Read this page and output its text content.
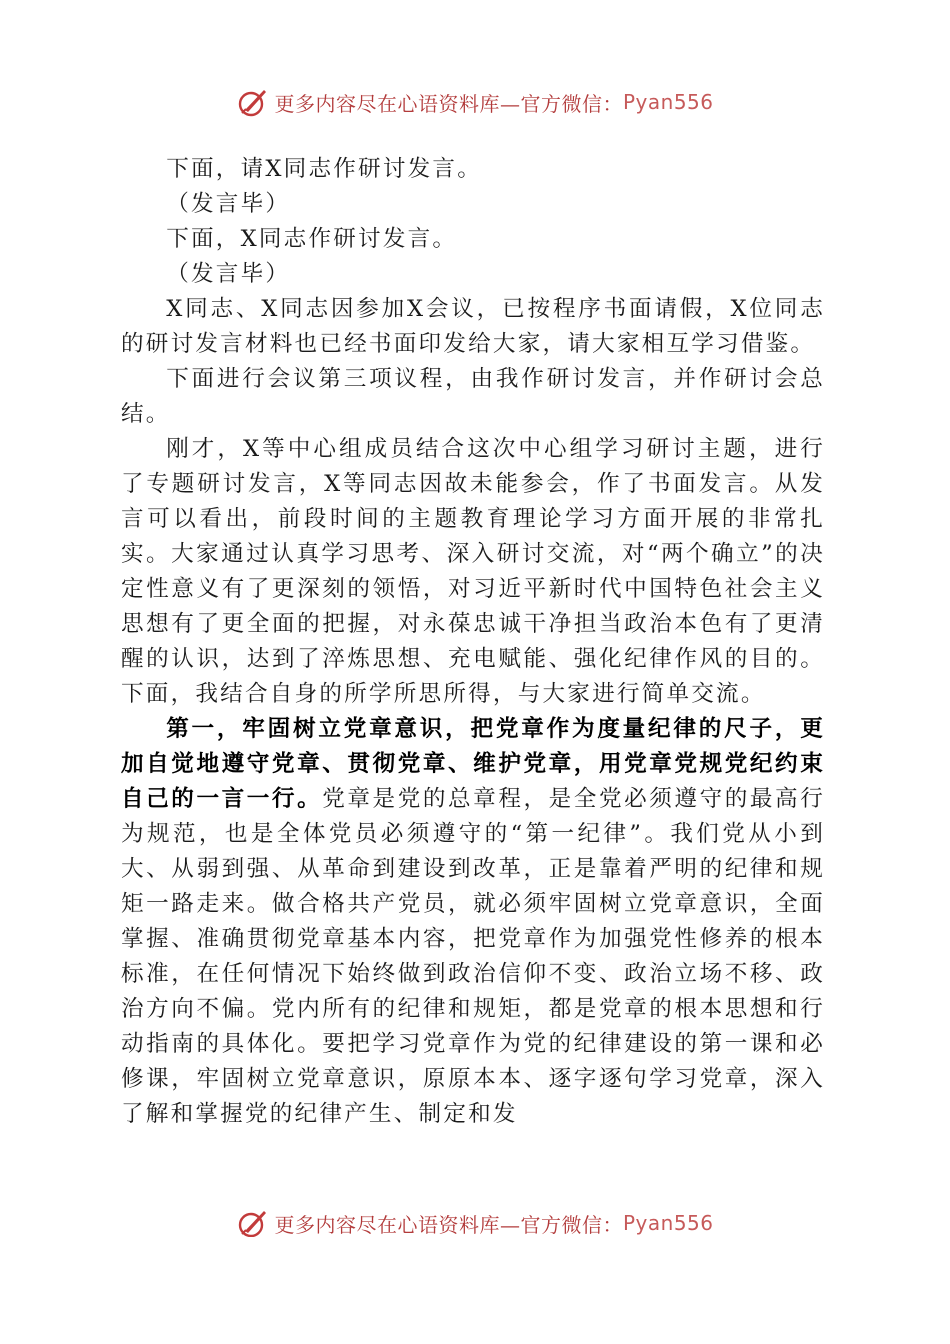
更多内容尽在心语资料库—官方微信： Pyan556

下面，请X同志作研讨发言。

（发言毕）

下面，X同志作研讨发言。

（发言毕）

X同志、X同志因参加X会议，已按程序书面请假，X位同志的研讨发言材料也已经书面印发给大家，请大家相互学习借鉴。

下面进行会议第三项议程，由我作研讨发言，并作研讨会总结。

刚才，X等中心组成员结合这次中心组学习研讨主题，进行了专题研讨发言，X等同志因故未能参会，作了书面发言。从发言可以看出，前段时间的主题教育理论学习方面开展的非常扎实。大家通过认真学习思考、深入研讨交流，对“两个确立”的决定性意义有了更深刻的领悟，对习近平新时代中国特色社会主义思想有了更全面的把握，对永葆忠诚干净担当政治本色有了更清醒的认识，达到了淬炼思想、充电赋能、强化纪律作风的目的。下面，我结合自身的所学所思所得，与大家进行简单交流。

第一，牢固树立党章意识，把党章作为度量纪律的尺子，更加自觉地遵守党章、贯彻党章、维护党章，用党章党规党纪约束自己的一言一行。党章是党的总章程，是全党必须遵守的最高行为规范，也是全体党员必须遵守的“第一纪律”。我们党从小到大、从弱到强、从革命到建设到改革，正是靠着严明的纪律和规矩一路走来。做合格共产党员，就必须牢固树立党章意识，全面掌握、准确贯彻党章基本内容，把党章作为加强党性修养的根本标准，在任何情况下始终做到政治信仰不变、政治立场不移、政治方向不偏。党内所有的纪律和规矩，都是党章的根本思想和行动指南的具体化。要把学习党章作为党的纪律建设的第一课和必修课，牢固树立党章意识，原原本本、逐字逐句学习党章，深入了解和掌握党的纪律产生、制定和发

更多内容尽在心语资料库—官方微信： Pyan556
